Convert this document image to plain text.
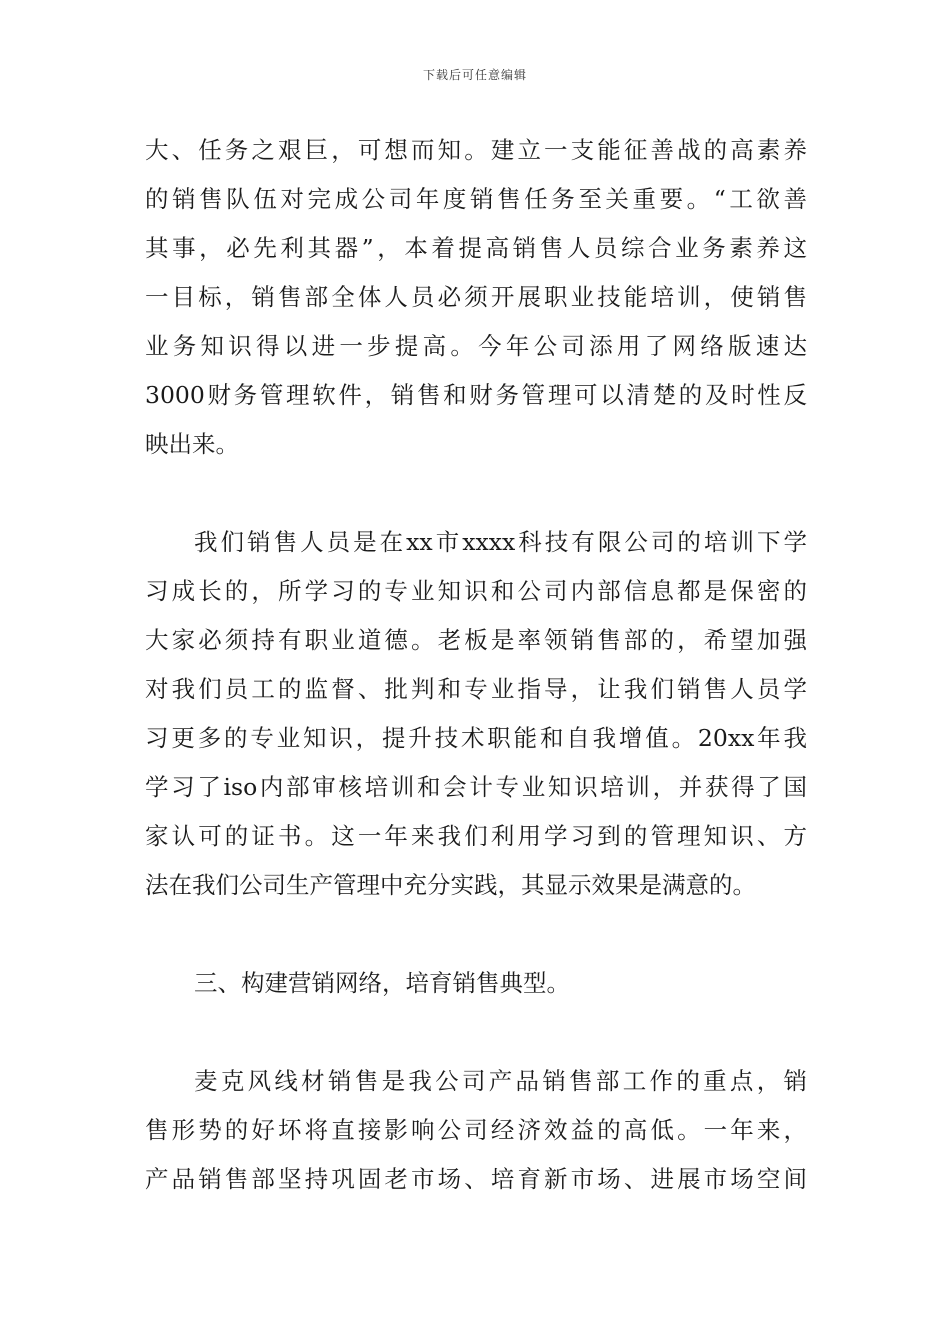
下载后可任意编辑
大、任务之艰巨，可想而知。建立一支能征善战的高素养
的销售队伍对完成公司年度销售任务至关重要。“工欲善
其事，必先利其器”，本着提高销售人员综合业务素养这
一目标，销售部全体人员必须开展职业技能培训，使销售
业务知识得以进一步提高。今年公司添用了网络版速达
3000财务管理软件，销售和财务管理可以清楚的及时性反
映出来。
我们销售人员是在xx市xxxx科技有限公司的培训下学
习成长的，所学习的专业知识和公司内部信息都是保密的
大家必须持有职业道德。老板是率领销售部的，希望加强
对我们员工的监督、批判和专业指导，让我们销售人员学
习更多的专业知识，提升技术职能和自我增值。20xx年我
学习了iso内部审核培训和会计专业知识培训，并获得了国
家认可的证书。这一年来我们利用学习到的管理知识、方
法在我们公司生产管理中充分实践，其显示效果是满意的。
三、构建营销网络，培育销售典型。
麦克风线材销售是我公司产品销售部工作的重点，销
售形势的好坏将直接影响公司经济效益的高低。一年来，
产品销售部坚持巩固老市场、培育新市场、进展市场空间
